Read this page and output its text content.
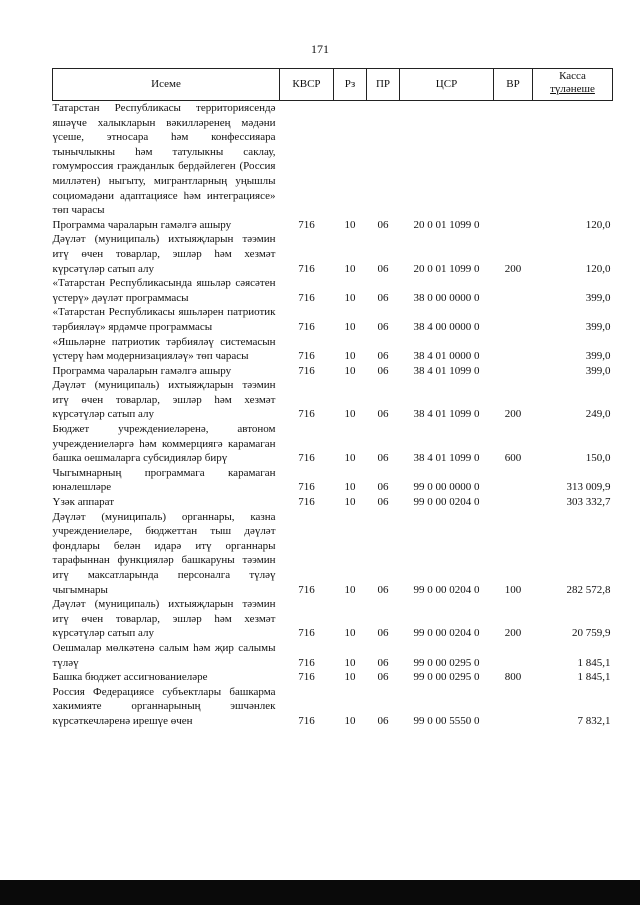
171
Исеме	КВСР	Рз	ПР	ЦСР	ВР	Касса
түләнеше

Татарстан Республикасы территориясендә яшәүче халыкларын вәкилләренең мәдәни үсеше, этносара һәм конфессияара тынычлыкны һәм татулыкны саклау, гомумроссия гражданлык бердәйлеген (Россия милләтен) ныгыту, мигрантларның уңышлы социомәдәни адаптациясе һәм интеграциясе» төп чарасы						
Программа чараларын гамәлгә ашыру	716	10	06	20 0 01 1099 0		120,0
Дәүләт (муниципаль) ихтыяҗларын тәэмин итү өчен товарлар, эшләр һәм хезмәт күрсәтүләр сатып алу	716	10	06	20 0 01 1099 0	200	120,0
«Татарстан Республикасында яшьләр сәясәтен үстерү» дәүләт программасы	716	10	06	38 0 00 0000 0		399,0
«Татарстан Республикасы яшьләрен патриотик тәрбияләү» ярдәмче программасы	716	10	06	38 4 00 0000 0		399,0
«Яшьләрне патриотик тәрбияләү системасын үстерү һәм модернизацияләү» төп чарасы	716	10	06	38 4 01 0000 0		399,0
Программа чараларын гамәлгә ашыру	716	10	06	38 4 01 1099 0		399,0
Дәүләт (муниципаль) ихтыяҗларын тәэмин итү өчен товарлар, эшләр һәм хезмәт күрсәтүләр сатып алу	716	10	06	38 4 01 1099 0	200	249,0
Бюджет учреждениеләренә, автоном учреждениеләргә һәм коммерциягә карамаган башка оешмаларга субсидияләр бирү	716	10	06	38 4 01 1099 0	600	150,0
Чыгымнарның программага карамаган юнәлешләре	716	10	06	99 0 00 0000 0		313 009,9
Үзәк аппарат	716	10	06	99 0 00 0204 0		303 332,7
Дәүләт (муниципаль) органнары, казна учреждениеләре, бюджеттан тыш дәүләт фондлары белән идарә итү органнары тарафыннан функцияләр башкаруны тәэмин итү максатларында персоналга түләү чыгымнары	716	10	06	99 0 00 0204 0	100	282 572,8
Дәүләт (муниципаль) ихтыяҗларын тәэмин итү өчен товарлар, эшләр һәм хезмәт күрсәтүләр сатып алу	716	10	06	99 0 00 0204 0	200	20 759,9
Оешмалар мөлкәтенә салым һәм җир салымы түләү	716	10	06	99 0 00 0295 0		1 845,1
Башка бюджет ассигнованиеләре	716	10	06	99 0 00 0295 0	800	1 845,1
Россия Федерациясе субъектлары башкарма хакимияте органнарының эшчәнлек күрсәткечләренә ирешүе өчен	716	10	06	99 0 00 5550 0		7 832,1
